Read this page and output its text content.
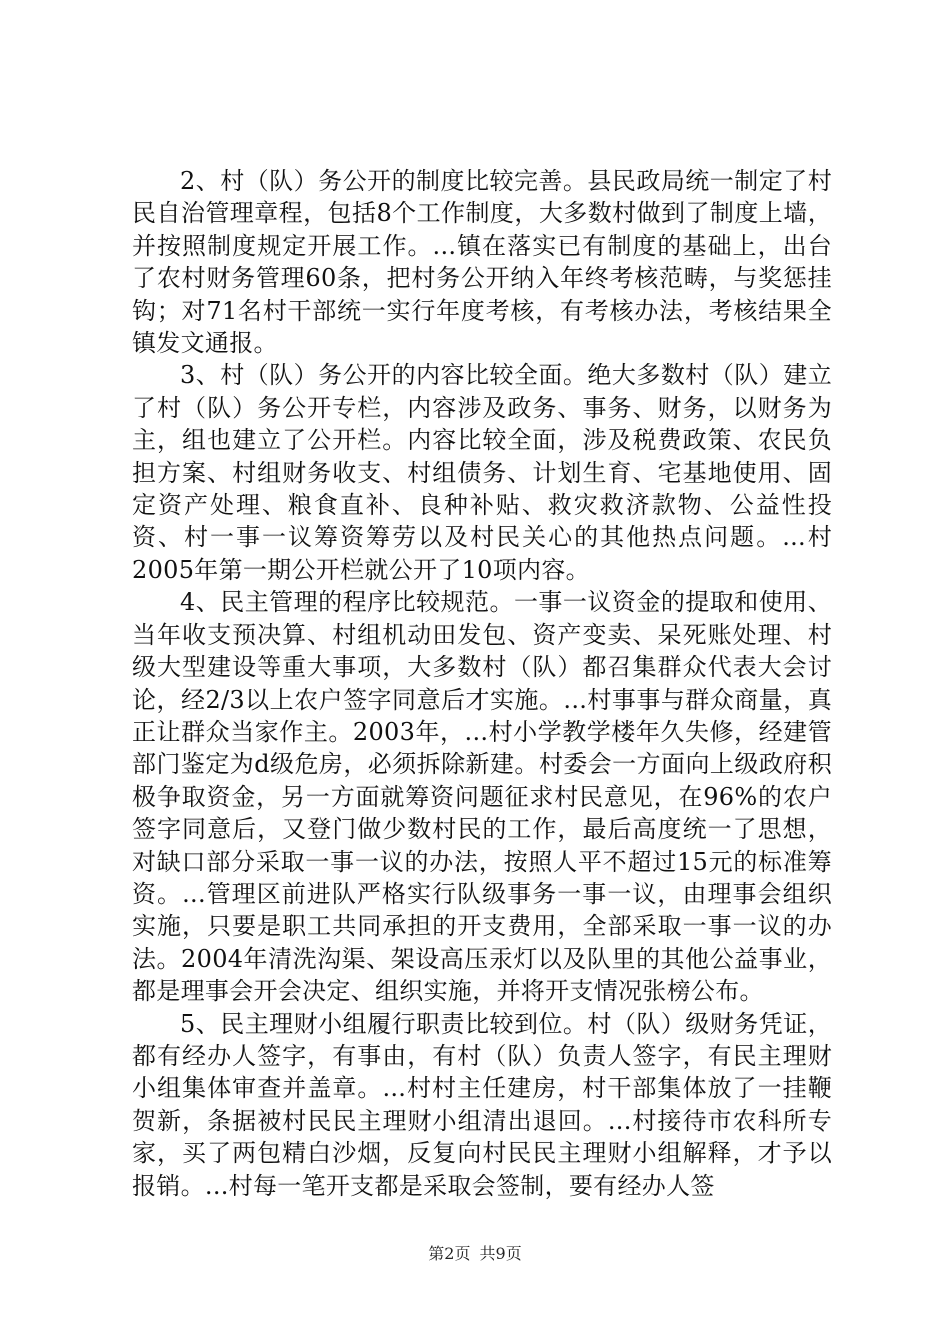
2、村（队）务公开的制度比较完善。县民政局统一制定了村民自治管理章程，包括8个工作制度，大多数村做到了制度上墙，并按照制度规定开展工作。...镇在落实已有制度的基础上，出台了农村财务管理60条，把村务公开纳入年终考核范畴，与奖惩挂钩；对71名村干部统一实行年度考核，有考核办法，考核结果全镇发文通报。

3、村（队）务公开的内容比较全面。绝大多数村（队）建立了村（队）务公开专栏，内容涉及政务、事务、财务，以财务为主，组也建立了公开栏。内容比较全面，涉及税费政策、农民负担方案、村组财务收支、村组债务、计划生育、宅基地使用、固定资产处理、粮食直补、良种补贴、救灾救济款物、公益性投资、村一事一议筹资筹劳以及村民关心的其他热点问题。...村2005年第一期公开栏就公开了10项内容。

4、民主管理的程序比较规范。一事一议资金的提取和使用、当年收支预决算、村组机动田发包、资产变卖、呆死账处理、村级大型建设等重大事项，大多数村（队）都召集群众代表大会讨论，经2/3以上农户签字同意后才实施。...村事事与群众商量，真正让群众当家作主。2003年，...村小学教学楼年久失修，经建管部门鉴定为d级危房，必须拆除新建。村委会一方面向上级政府积极争取资金，另一方面就筹资问题征求村民意见，在96%的农户签字同意后，又登门做少数村民的工作，最后高度统一了思想，对缺口部分采取一事一议的办法，按照人平不超过15元的标准筹资。...管理区前进队严格实行队级事务一事一议，由理事会组织实施，只要是职工共同承担的开支费用，全部采取一事一议的办法。2004年清洗沟渠、架设高压汞灯以及队里的其他公益事业，都是理事会开会决定、组织实施，并将开支情况张榜公布。

5、民主理财小组履行职责比较到位。村（队）级财务凭证，都有经办人签字，有事由，有村（队）负责人签字，有民主理财小组集体审查并盖章。...村村主任建房，村干部集体放了一挂鞭贺新，条据被村民民主理财小组清出退回。...村接待市农科所专家，买了两包精白沙烟，反复向村民民主理财小组解释，才予以报销。...村每一笔开支都是采取会签制，要有经办人签

第2页 共9页
